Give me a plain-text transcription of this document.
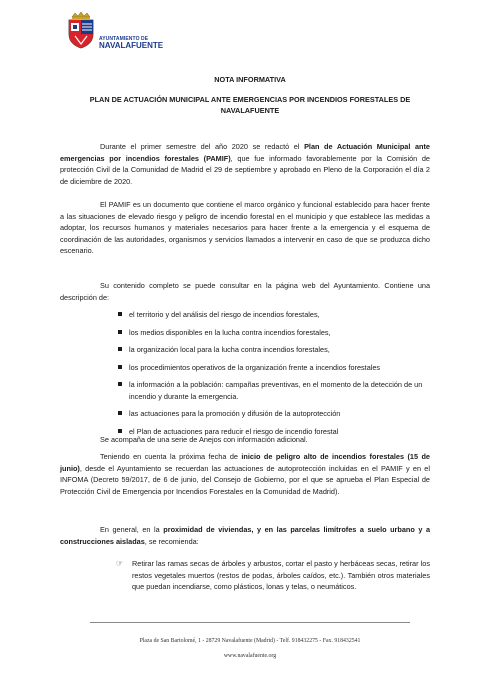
AYUNTAMIENTO DE
NAVALAFUENTE
NOTA INFORMATIVA
PLAN DE ACTUACIÓN MUNICIPAL ANTE EMERGENCIAS POR INCENDIOS FORESTALES DE NAVALAFUENTE
Durante el primer semestre del año 2020 se redactó el Plan de Actuación Municipal ante emergencias por incendios forestales (PAMIF), que fue informado favorablemente por la Comisión de protección Civil de la Comunidad de Madrid el 29 de septiembre y aprobado en Pleno de la Corporación el día 2 de diciembre de 2020.
El PAMIF es un documento que contiene el marco orgánico y funcional establecido para hacer frente a las situaciones de elevado riesgo y peligro de incendio forestal en el municipio y que establece las medidas a adoptar, los recursos humanos y materiales necesarios para hacer frente a la emergencia y el esquema de coordinación de las autoridades, organismos y servicios llamados a intervenir en caso de que se produzca dicho escenario.
Su contenido completo se puede consultar en la página web del Ayuntamiento. Contiene una descripción de:
el territorio y del análisis del riesgo de incendios forestales,
los medios disponibles en la lucha contra incendios forestales,
la organización local para la lucha contra incendios forestales,
los procedimientos operativos de la organización frente a incendios forestales
la información a la población: campañas preventivas, en el momento de la detección de un incendio y durante la emergencia.
las actuaciones para la promoción y difusión de la autoprotección
el Plan de actuaciones para reducir el riesgo de incendio forestal
Se acompaña de una serie de Anejos con información adicional.
Teniendo en cuenta la próxima fecha de inicio de peligro alto de incendios forestales (15 de junio), desde el Ayuntamiento se recuerdan las actuaciones de autoprotección incluidas en el PAMIF y en el INFOMA (Decreto 59/2017, de 6 de junio, del Consejo de Gobierno, por el que se aprueba el Plan Especial de Protección Civil de Emergencia por Incendios Forestales en la Comunidad de Madrid).
En general, en la proximidad de viviendas, y en las parcelas limítrofes a suelo urbano y a construcciones aisladas, se recomienda:
☞ Retirar las ramas secas de árboles y arbustos, cortar el pasto y herbáceas secas, retirar los restos vegetales muertos (restos de podas, árboles caídos, etc.). También otros materiales que puedan incendiarse, como plásticos, lonas y telas, o neumáticos.
Plaza de San Bartolomé, 1 - 28729 Navalafuente (Madrid) - Telf. 918432275 - Fax. 918432541
www.navalafuente.org
